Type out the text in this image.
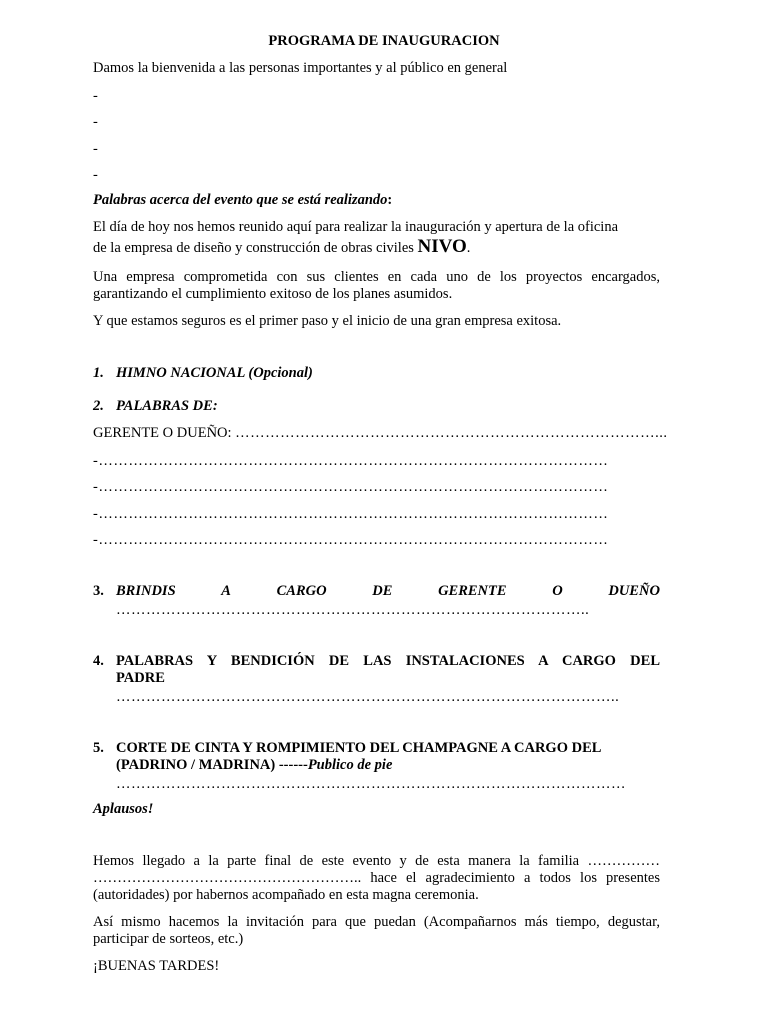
PROGRAMA DE INAUGURACION
Damos la bienvenida a las personas importantes y al público en general
-
-
-
-
Palabras acerca del evento que se está realizando:
El día de hoy nos hemos reunido aquí para realizar la inauguración y apertura de la oficina
de la empresa de diseño y construcción de obras civiles NIVO.
Una empresa comprometida con sus clientes en cada uno de los proyectos encargados,
garantizando el cumplimiento exitoso de los planes asumidos.
Y que estamos seguros es el primer paso y el inicio de una gran empresa exitosa.
1. HIMNO NACIONAL (Opcional)
2. PALABRAS DE:
GERENTE O DUEÑO: …………………………………………………………………………...
-…………………………………………………………………………………………
-…………………………………………………………………………………………
-…………………………………………………………………………………………
-…………………………………………………………………………………………
3. BRINDIS	A	CARGO	DE	GERENTE	O	DUEÑO
…………………………………………………………………………………..
4. PALABRAS Y BENDICIÓN DE LAS INSTALACIONES A CARGO DEL
PADRE
………………………………………………………………………………………..
5. CORTE DE CINTA Y ROMPIMIENTO DEL CHAMPAGNE A CARGO DEL
(PADRINO / MADRINA) ------Publico de pie
…………………………………………………………………………………………
Aplausos!
Hemos llegado a la parte final de este evento y de esta manera la familia ……………
……………………………………………….. hace el agradecimiento a todos los presentes
(autoridades) por habernos acompañado en esta magna ceremonia.
Así mismo hacemos la invitación para que puedan (Acompañarnos más tiempo, degustar,
participar de sorteos, etc.)
¡BUENAS TARDES!
